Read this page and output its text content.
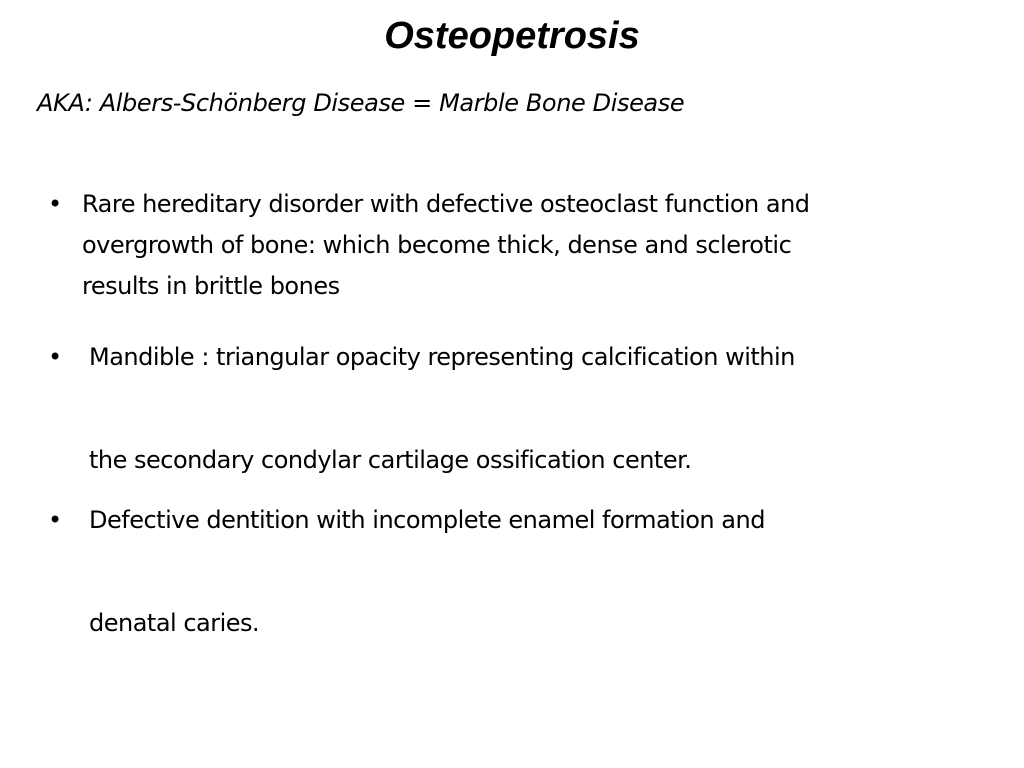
Osteopetrosis

AKA: Albers-Schönberg Disease = Marble Bone Disease

• Rare hereditary disorder with defective osteoclast function and
overgrowth of bone: which become thick, dense and sclerotic
results in brittle bones
• Mandible : triangular opacity representing calcification within
the secondary condylar cartilage ossification center.
• Defective dentition with incomplete enamel formation and
denatal caries.
